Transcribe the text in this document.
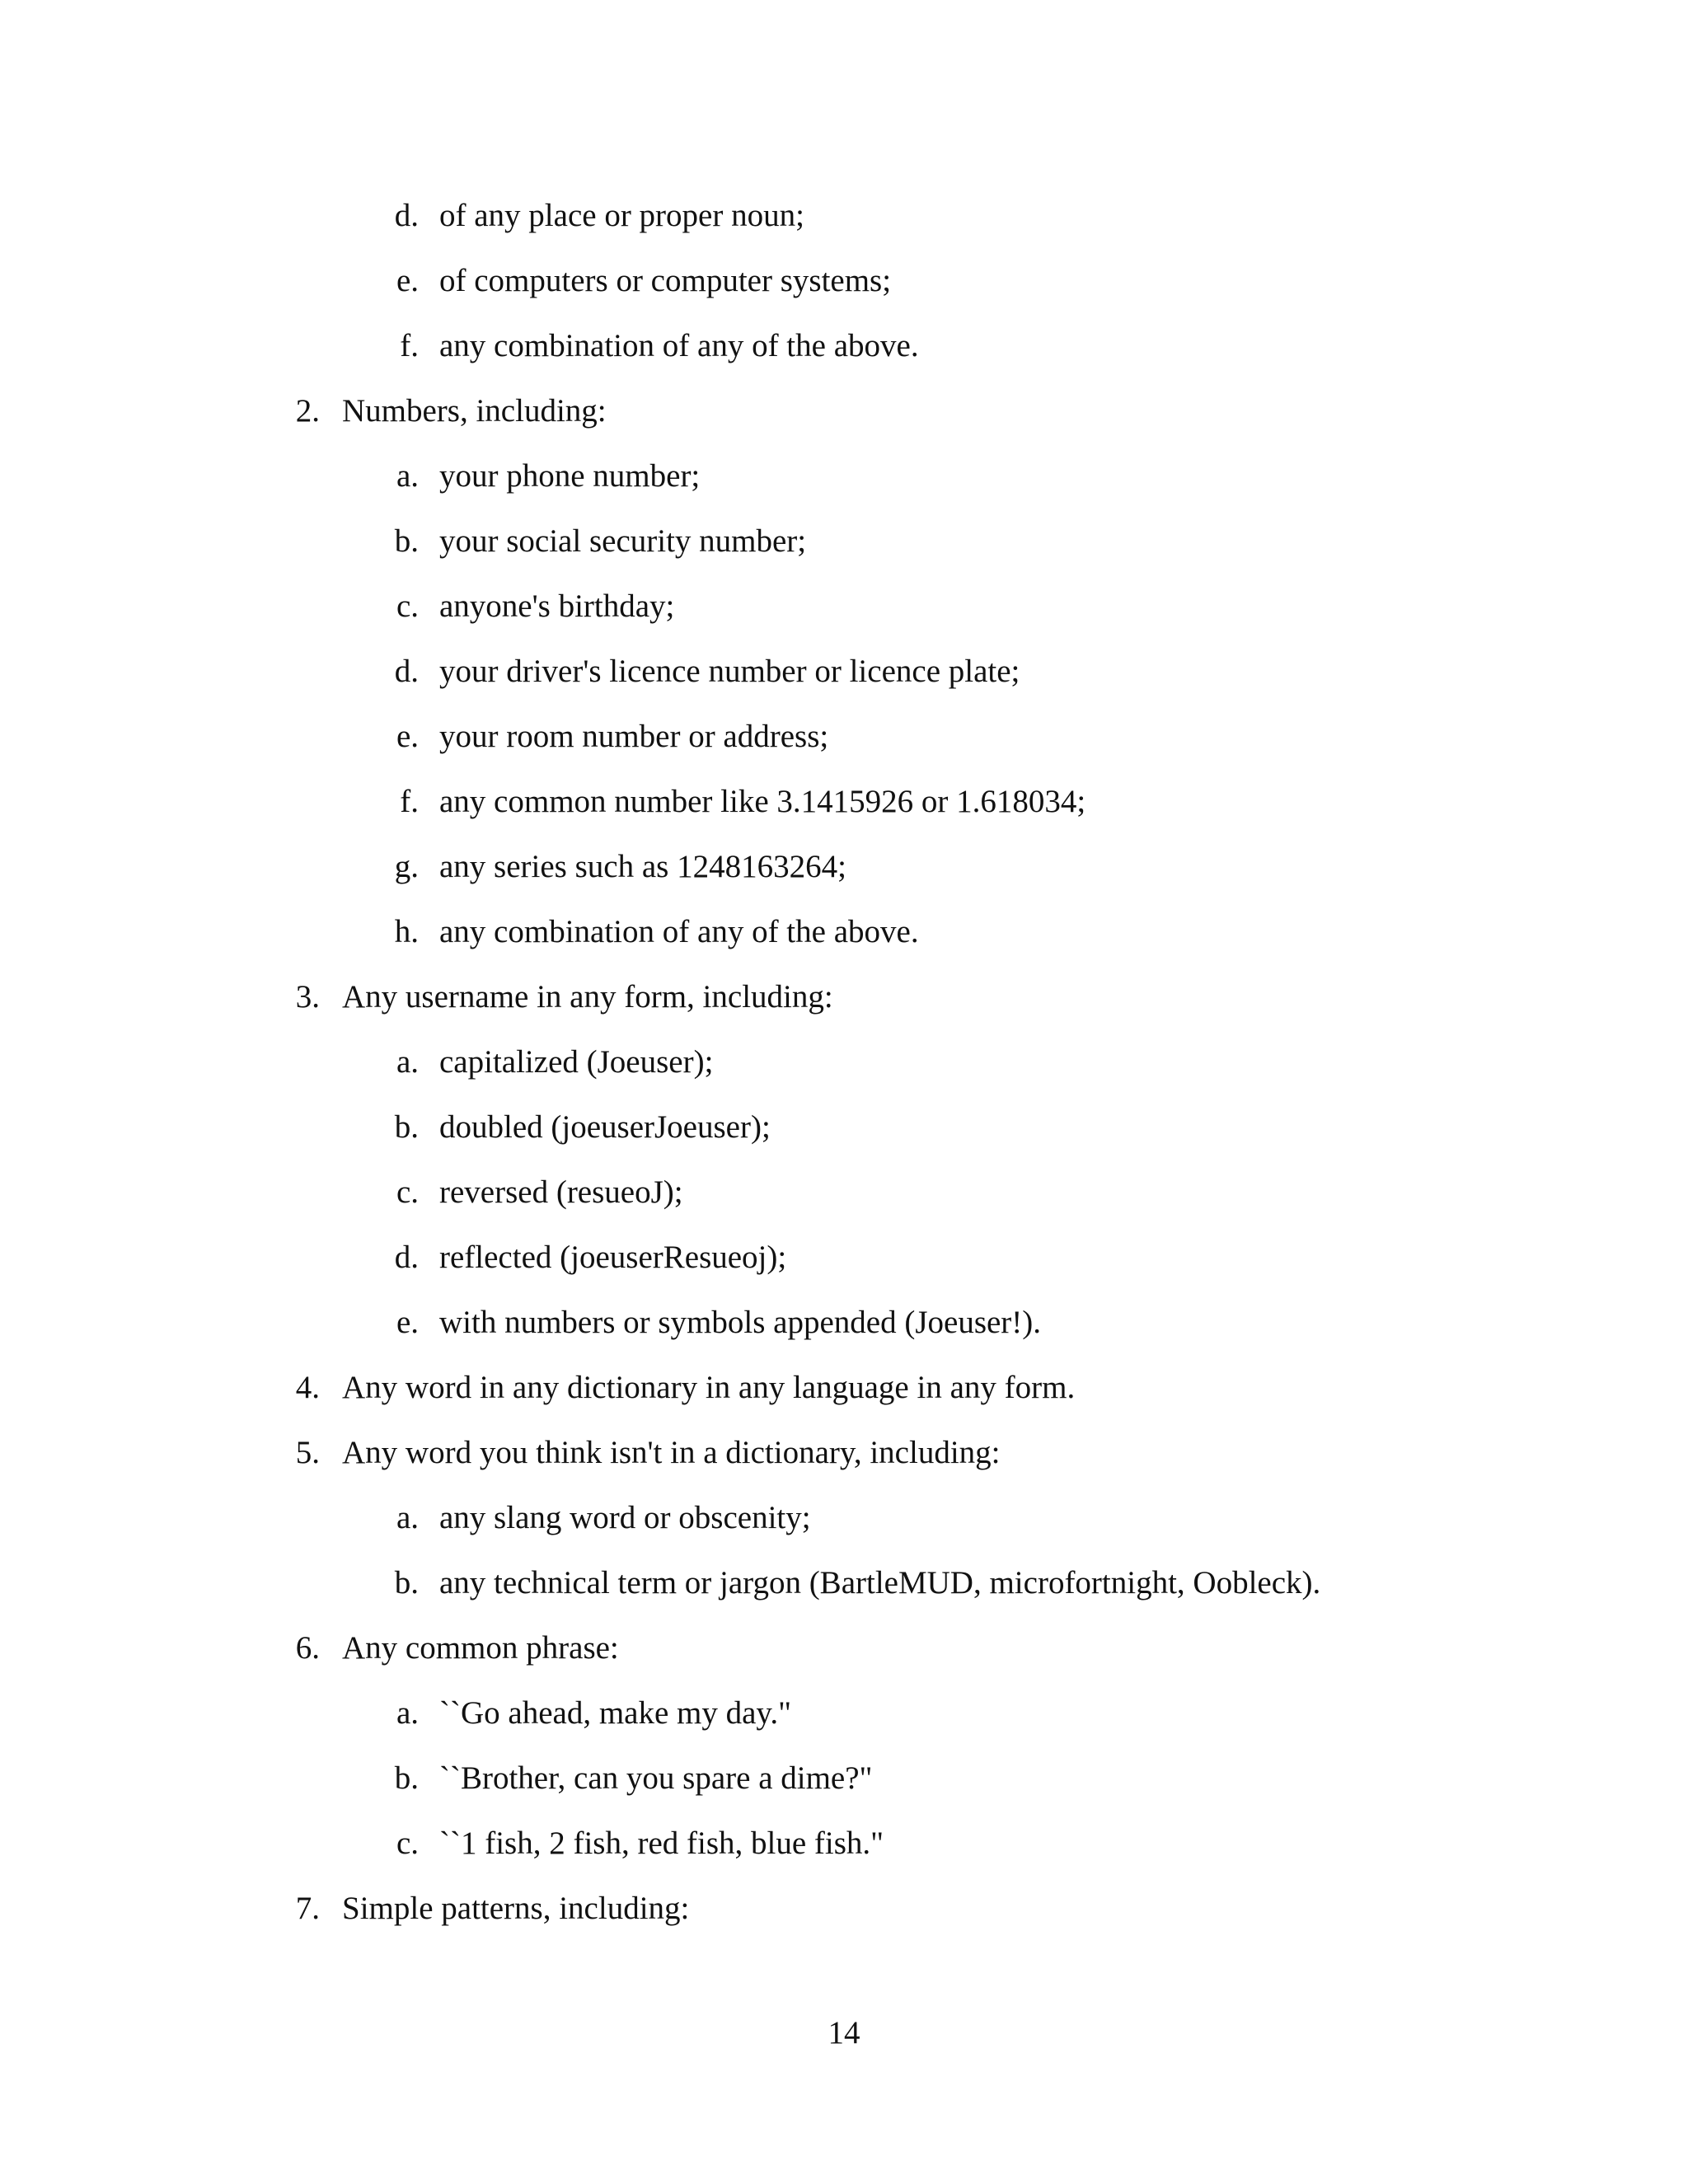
d. of any place or proper noun;
e. of computers or computer systems;
f. any combination of any of the above.
2. Numbers, including:
a. your phone number;
b. your social security number;
c. anyone's birthday;
d. your driver's licence number or licence plate;
e. your room number or address;
f. any common number like 3.1415926 or 1.618034;
g. any series such as 1248163264;
h. any combination of any of the above.
3. Any username in any form, including:
a. capitalized (Joeuser);
b. doubled (joeuserJoeuser);
c. reversed (resueoJ);
d. reflected (joeuserResueoj);
e. with numbers or symbols appended (Joeuser!).
4. Any word in any dictionary in any language in any form.
5. Any word you think isn't in a dictionary, including:
a. any slang word or obscenity;
b. any technical term or jargon (BartleMUD, microfortnight, Oobleck).
6. Any common phrase:
a. ``Go ahead, make my day."
b. ``Brother, can you spare a dime?"
c. ``1 fish, 2 fish, red fish, blue fish."
7. Simple patterns, including:
14
